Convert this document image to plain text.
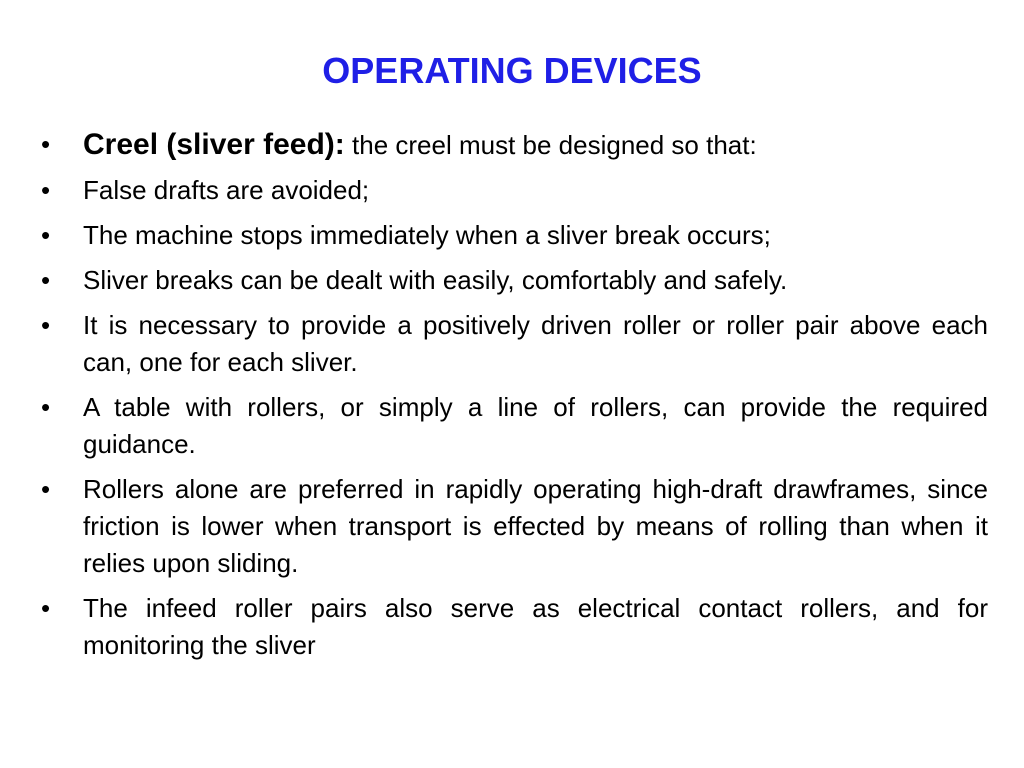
OPERATING DEVICES
•	Creel (sliver feed): the creel must be designed so that:
•	False drafts are avoided;
•	The machine stops immediately when a sliver break occurs;
•	Sliver breaks can be dealt with easily, comfortably and safely.
•	It is necessary to provide a positively driven roller or roller pair above each can, one for each sliver.
•	A table with rollers, or simply a line of rollers, can provide the required guidance.
•	Rollers alone are preferred in rapidly operating high-draft drawframes, since friction is lower when transport is effected by means of rolling than when it relies upon sliding.
•	The infeed roller pairs also serve as electrical contact rollers, and for monitoring the sliver
